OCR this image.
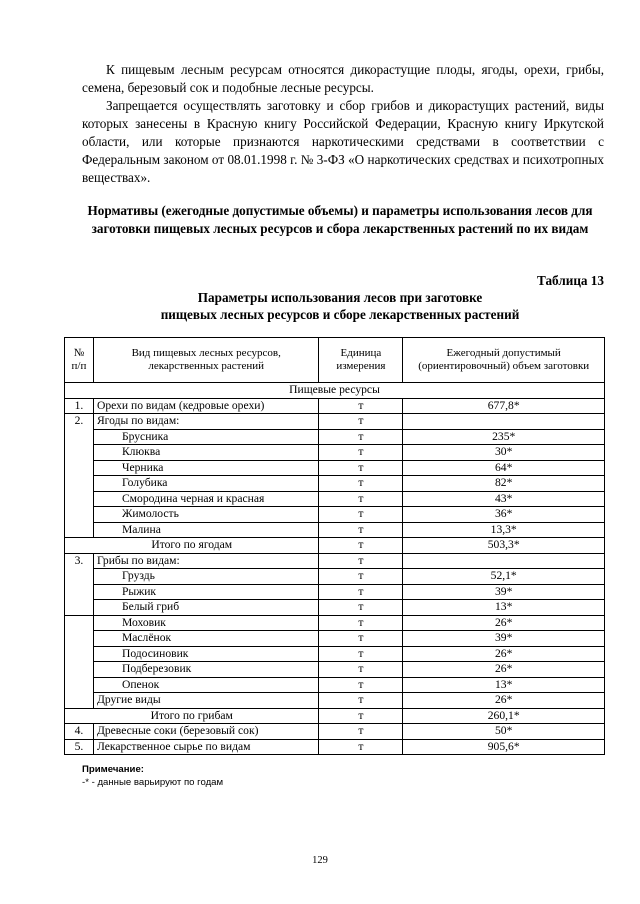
К пищевым лесным ресурсам относятся дикорастущие плоды, ягоды, орехи, грибы, семена, березовый сок и подобные лесные ресурсы.

Запрещается осуществлять заготовку и сбор грибов и дикорастущих растений, виды которых занесены в Красную книгу Российской Федерации, Красную книгу Иркутской области, или которые признаются наркотическими средствами в соответствии с Федеральным законом от 08.01.1998 г. № 3-ФЗ «О наркотических средствах и психотропных веществах».

Нормативы (ежегодные допустимые объемы) и параметры использования лесов для заготовки пищевых лесных ресурсов и сбора лекарственных растений по их видам

Таблица 13
Параметры использования лесов при заготовке
пищевых лесных ресурсов и сборе лекарственных растений
№ п/п	Вид пищевых лесных ресурсов, лекарственных растений	Единица измерения	Ежегодный допустимый (ориентировочный) объем заготовки
Пищевые ресурсы			
1.	Орехи по видам (кедровые орехи)	т	677,8*
2.	Ягоды по видам:	т	
	Брусника	т	235*
	Клюква	т	30*
	Черника	т	64*
	Голубика	т	82*
	Смородина черная и красная	т	43*
	Жимолость	т	36*
	Малина	т	13,3*
Итого по ягодам		т	503,3*
3.	Грибы по видам:	т	
	Груздь	т	52,1*
	Рыжик	т	39*
	Белый гриб	т	13*
	Моховик	т	26*
	Маслёнок	т	39*
	Подосиновик	т	26*
	Подберезовик	т	26*
	Опенок	т	13*
	Другие виды	т	26*
Итого по грибам		т	260,1*
4.	Древесные соки (березовый сок)	т	50*
5.	Лекарственное сырье по видам	т	905,6*
Примечание:
-* - данные варьируют по годам
129
